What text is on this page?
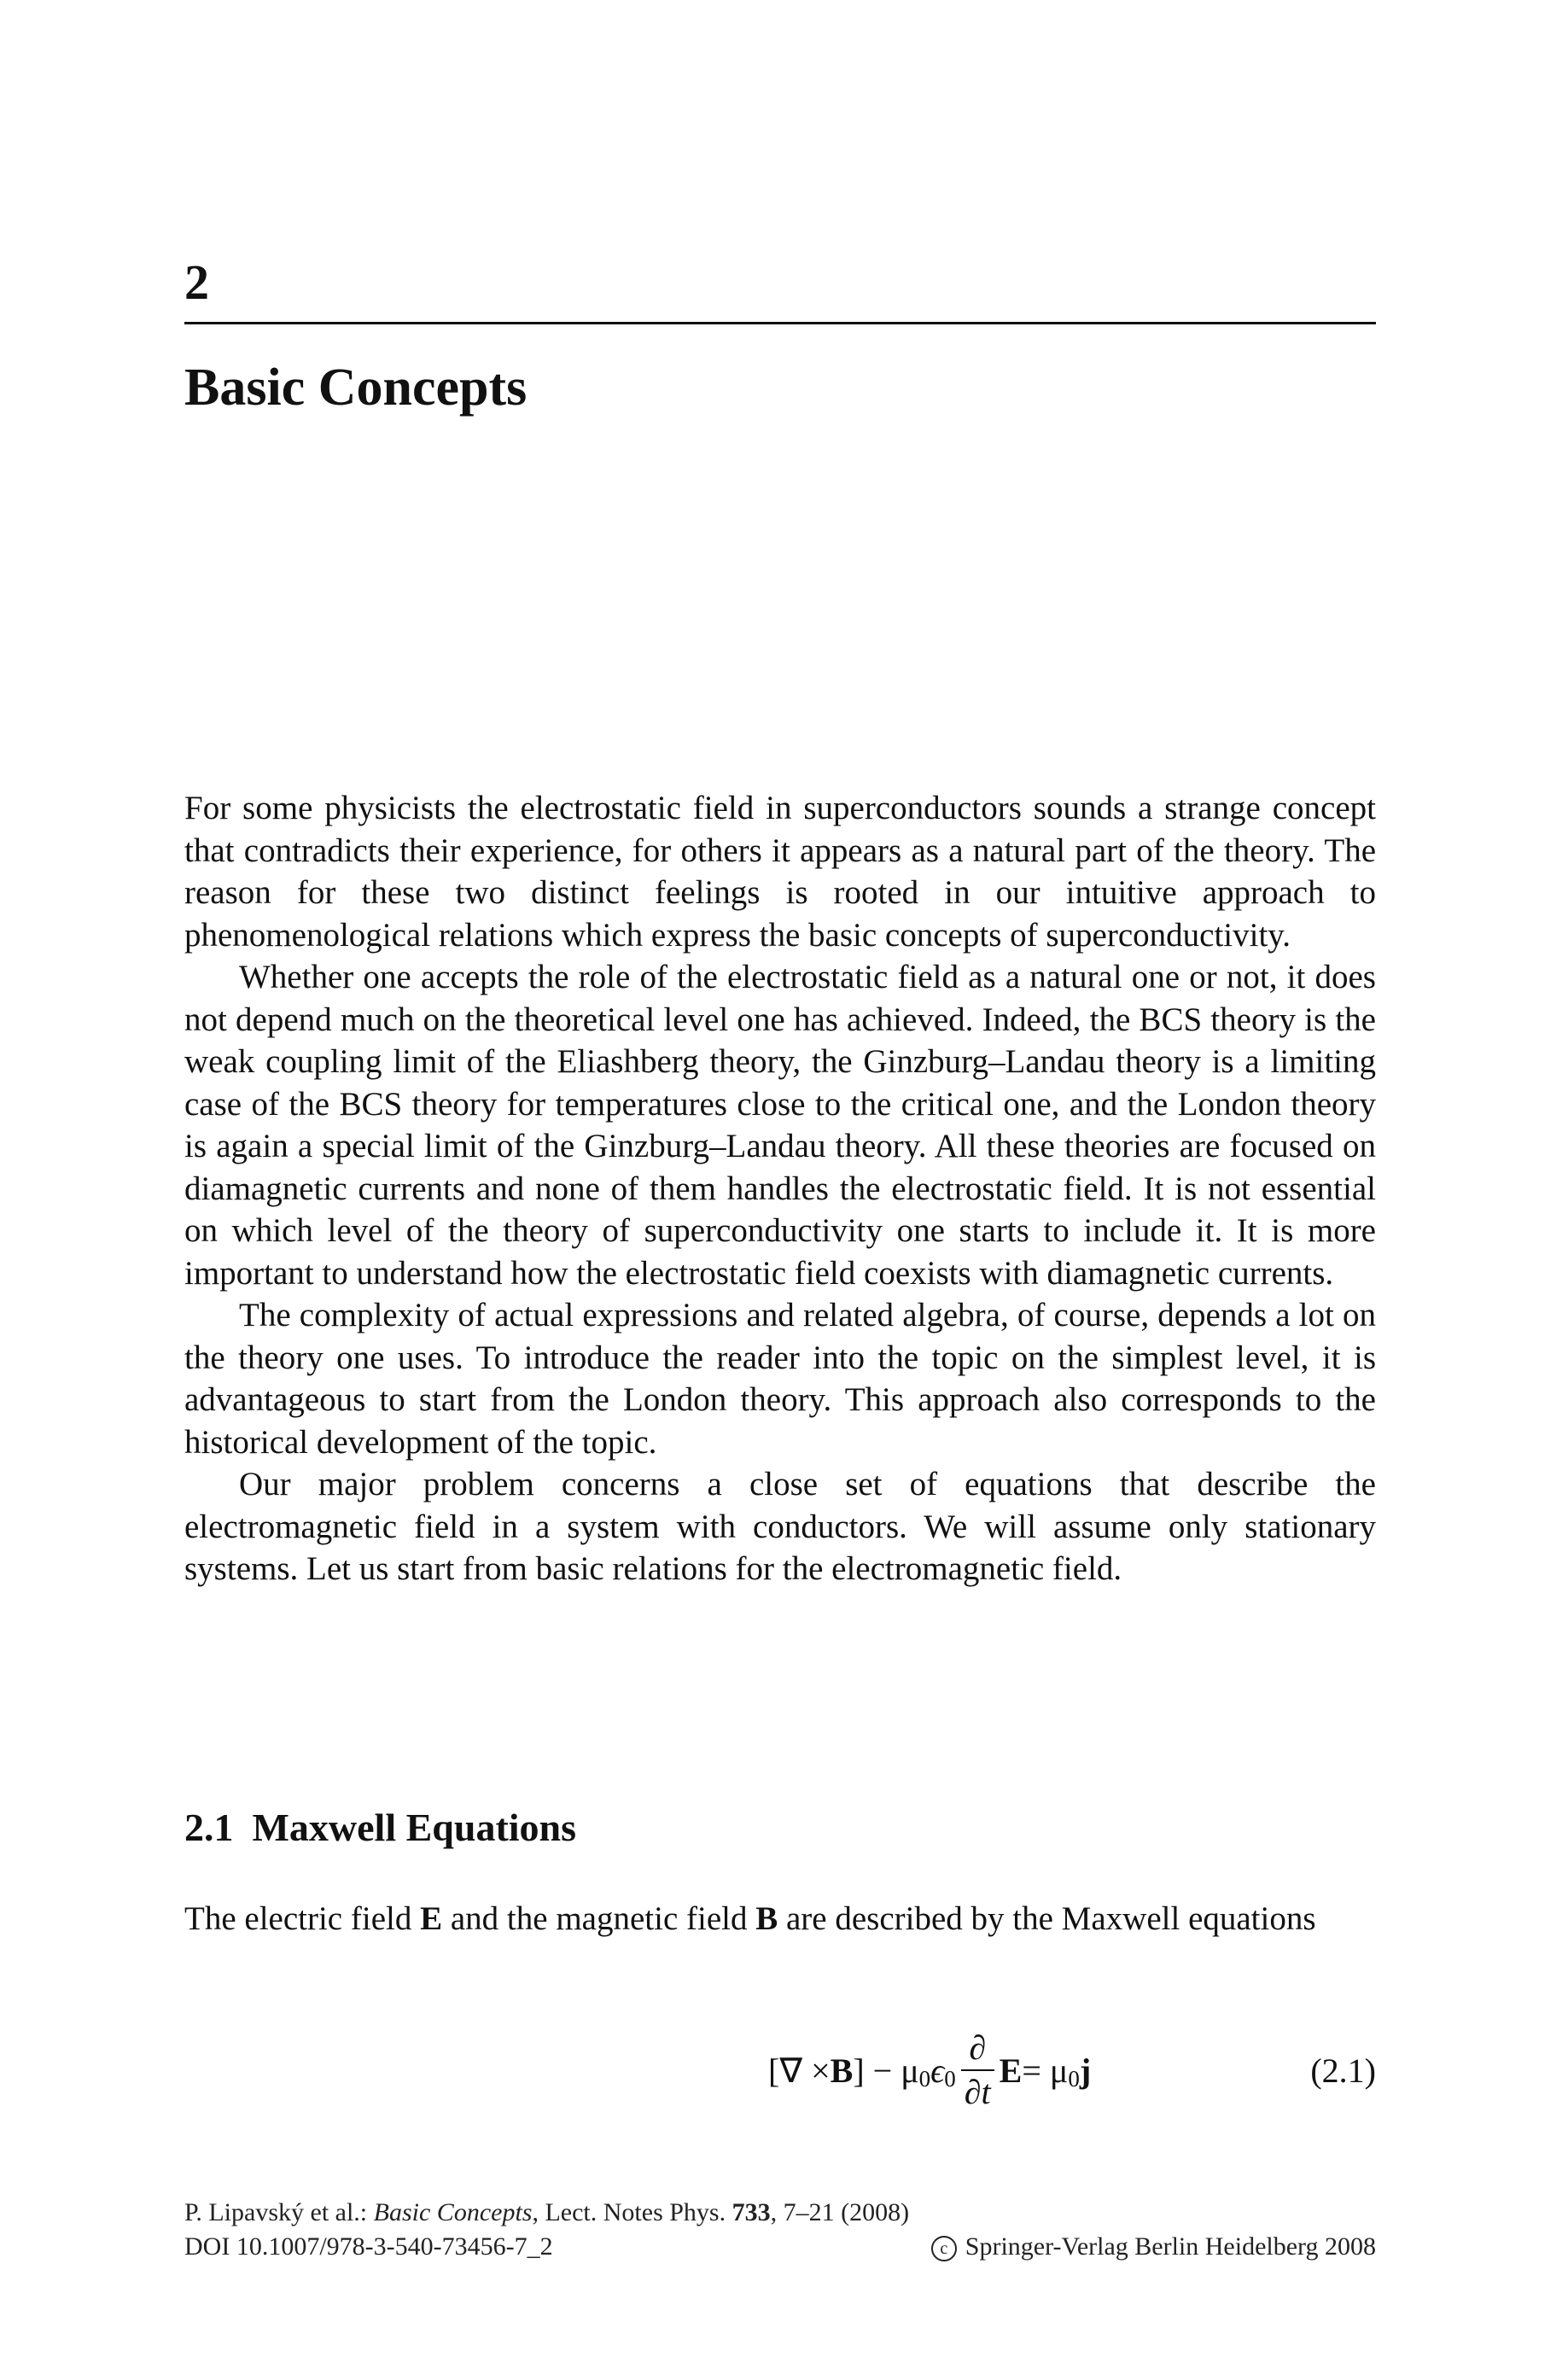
2
Basic Concepts

For some physicists the electrostatic field in superconductors sounds a strange concept that contradicts their experience, for others it appears as a natural part of the theory. The reason for these two distinct feelings is rooted in our intuitive approach to phenomenological relations which express the basic concepts of superconductivity.

Whether one accepts the role of the electrostatic field as a natural one or not, it does not depend much on the theoretical level one has achieved. Indeed, the BCS theory is the weak coupling limit of the Eliashberg theory, the Ginzburg–Landau theory is a limiting case of the BCS theory for temperatures close to the critical one, and the London theory is again a special limit of the Ginzburg–Landau theory. All these theories are focused on diamagnetic currents and none of them handles the electrostatic field. It is not essential on which level of the theory of superconductivity one starts to include it. It is more important to understand how the electrostatic field coexists with diamagnetic currents.

The complexity of actual expressions and related algebra, of course, depends a lot on the theory one uses. To introduce the reader into the topic on the simplest level, it is advantageous to start from the London theory. This approach also corresponds to the historical development of the topic.

Our major problem concerns a close set of equations that describe the electromagnetic field in a system with conductors. We will assume only stationary systems. Let us start from basic relations for the electromagnetic field.

2.1 Maxwell Equations

The electric field E and the magnetic field B are described by the Maxwell equations

[∇ × B ] − μ 0 ϵ $0 \frac{\partial}{\partial t}$ E = μ 0 j	(2.1)
P. Lipavský et al.: Basic Concepts, Lect. Notes Phys. 733, 7–21 (2008)
DOI 10.1007/978-3-540-73456-7_2	c Springer-Verlag Berlin Heidelberg 2008
